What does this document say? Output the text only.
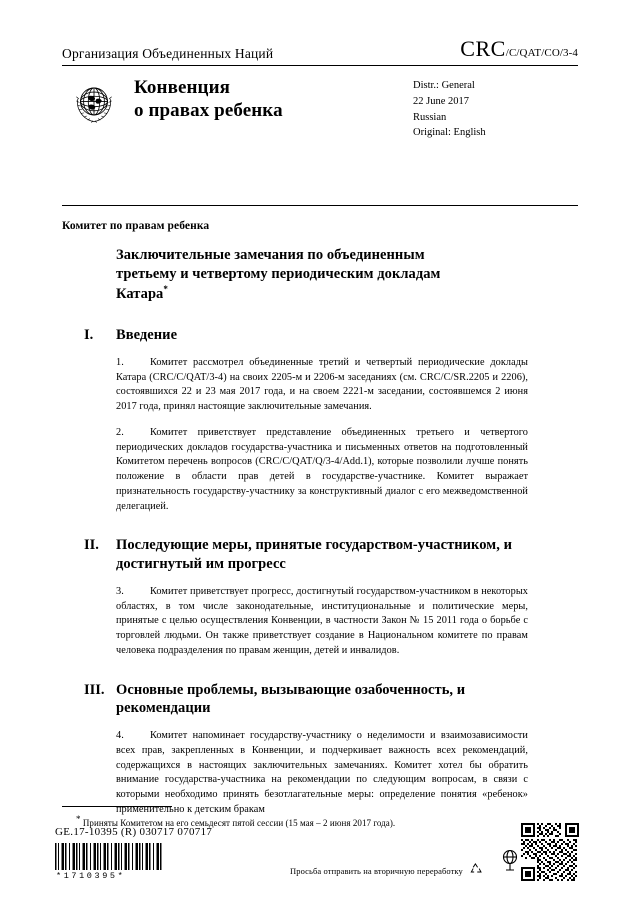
Организация Объединенных Наций	CRC /C/QAT/CO/3-4
Конвенция
о правах ребенка
Distr.: General
22 June 2017
Russian
Original: English
Комитет по правам ребенка
Заключительные замечания по объединенным
третьему и четвертому периодическим докладам
Катара*
I.	Введение
1.	Комитет рассмотрел объединенные третий и четвертый периодические доклады Катара (CRC/C/QAT/3-4) на своих 2205-м и 2206-м заседаниях (см. CRC/C/SR.2205 и 2206), состоявшихся 22 и 23 мая 2017 года, и на своем 2221-м заседании, состоявшемся 2 июня 2017 года, принял настоящие заключительные замечания.
2.	Комитет приветствует представление объединенных третьего и четвертого периодических докладов государства-участника и письменных ответов на подготовленный Комитетом перечень вопросов (CRC/C/QAT/Q/3-4/Add.1), которые позволили лучше понять положение в области прав детей в государстве-участнике. Комитет выражает признательность государству-участнику за конструктивный диалог с его межведомственной делегацией.
II.	Последующие меры, принятые государством-участником, и достигнутый им прогресс
3.	Комитет приветствует прогресс, достигнутый государством-участником в некоторых областях, в том числе законодательные, институциональные и политические меры, принятые с целью осуществления Конвенции, в частности Закон № 15 2011 года о борьбе с торговлей людьми. Он также приветствует создание в Национальном комитете по правам человека подразделения по правам женщин, детей и инвалидов.
III. Основные проблемы, вызывающие озабоченность, и рекомендации
4.	Комитет напоминает государству-участнику о неделимости и взаимозависимости всех прав, закрепленных в Конвенции, и подчеркивает важность всех рекомендаций, содержащихся в настоящих заключительных замечаниях. Комитет хотел бы обратить внимание государства-участника на рекомендации по следующим вопросам, в связи с которыми необходимо принять безотлагательные меры: определение понятия «ребенок» применительно к детским бракам
* Приняты Комитетом на его семьдесят пятой сессии (15 мая – 2 июня 2017 года).
GE.17-10395 (R) 030717 070717
*1710395*
Просьба отправить на вторичную переработку
